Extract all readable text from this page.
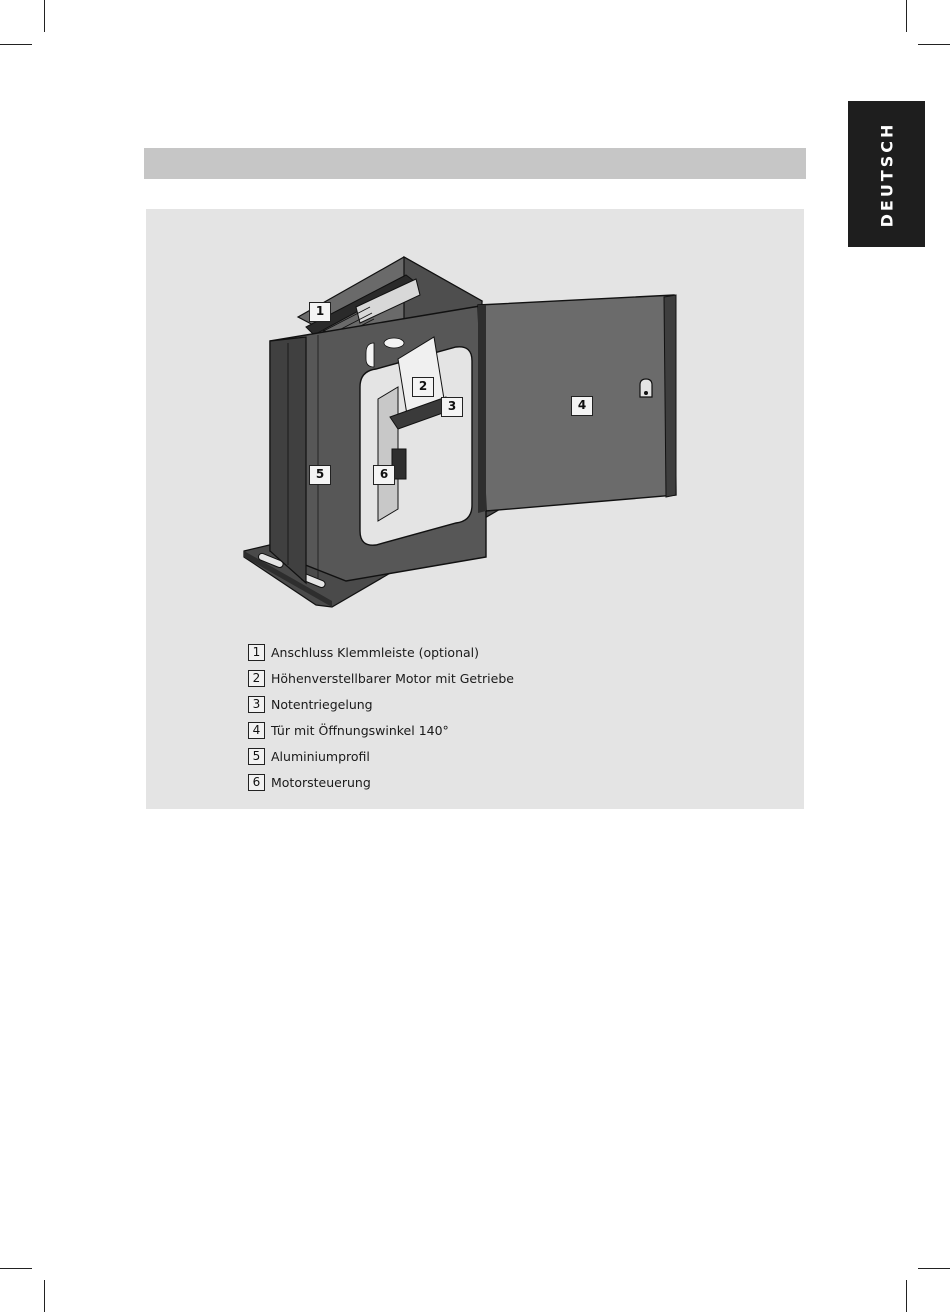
DEUTSCH
1
2
3	4
5	6
1 Anschluss Klemmleiste (optional)
2 Höhenverstellbarer Motor mit Getriebe
3 Notentriegelung
4 Tür mit Öffnungswinkel 140°
5 Aluminiumprofil
6 Motorsteuerung
